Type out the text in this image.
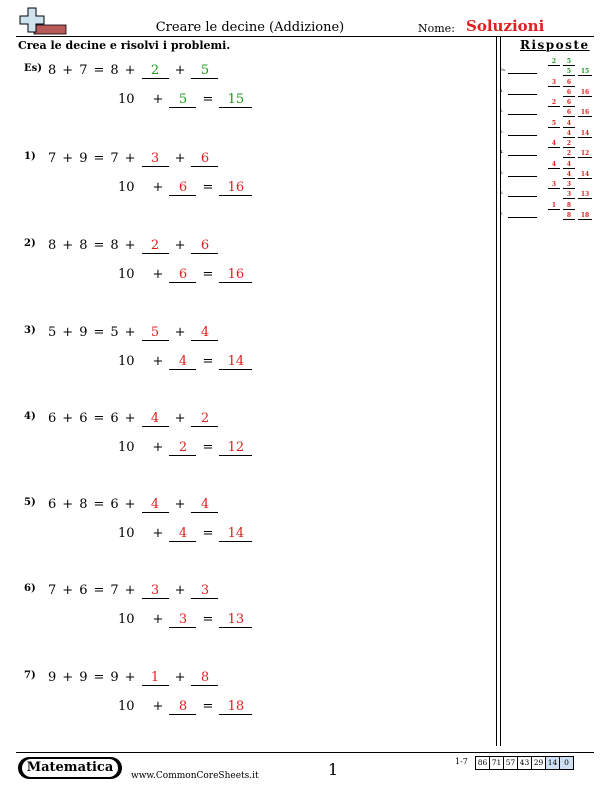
Creare le decine (Addizione)	Nome: Soluzioni
Crea le decine e risolvi i problemi.	Risposte
Es) 8 + 7 = 8 + 2 + 5
10 + 5 = 15
1) 7 + 9 = 7 + 3 + 6
10 + 6 = 16
2) 8 + 8 = 8 + 2 + 6
10 + 6 = 16
3) 5 + 9 = 5 + 5 + 4
10 + 4 = 14
4) 6 + 6 = 6 + 4 + 2
10 + 2 = 12
5) 6 + 8 = 6 + 4 + 4
10 + 4 = 14
6) 7 + 6 = 7 + 3 + 3
10 + 3 = 13
7) 9 + 9 = 9 + 1 + 8
10 + 8 = 18
Es.
2	5
5	15
1.
3	6
6	16
2.
2	6
6	16
3.
5	4
4	14
4.
4	2
2	12
5.
4	4
4	14
6.
3	3
3	13
7.
1	8
8	18
Matematica
www.CommonCoreSheets.it	1	1-7	86 71 57 43 29 14 0
